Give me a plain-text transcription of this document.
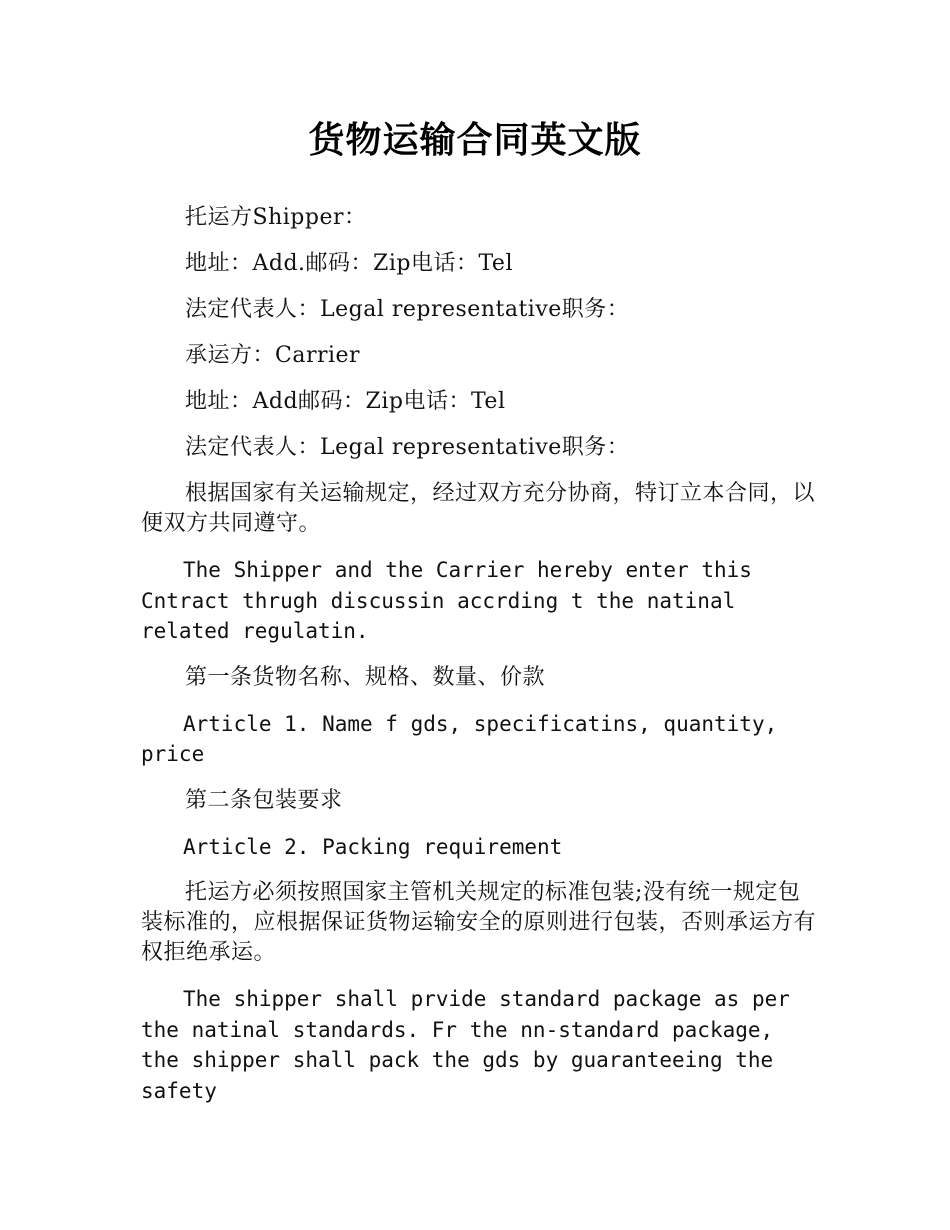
货物运输合同英文版

托运方Shipper：

地址：Add.邮码：Zip电话：Tel

法定代表人：Legal representative职务：

承运方：Carrier

地址：Add邮码：Zip电话：Tel

法定代表人：Legal representative职务：

根据国家有关运输规定，经过双方充分协商，特订立本合同，以便双方共同遵守。

The Shipper and the Carrier hereby enter this Cntract thrugh discussin accrding t the natinal related regulatin.

第一条货物名称、规格、数量、价款

Article 1. Name f gds, specificatins, quantity, price

第二条包装要求

Article 2. Packing requirement

托运方必须按照国家主管机关规定的标准包装;没有统一规定包装标准的，应根据保证货物运输安全的原则进行包装，否则承运方有权拒绝承运。

The shipper shall prvide standard package as per the natinal standards. Fr the nn-standard package, the shipper shall pack the gds by guaranteeing the safety
